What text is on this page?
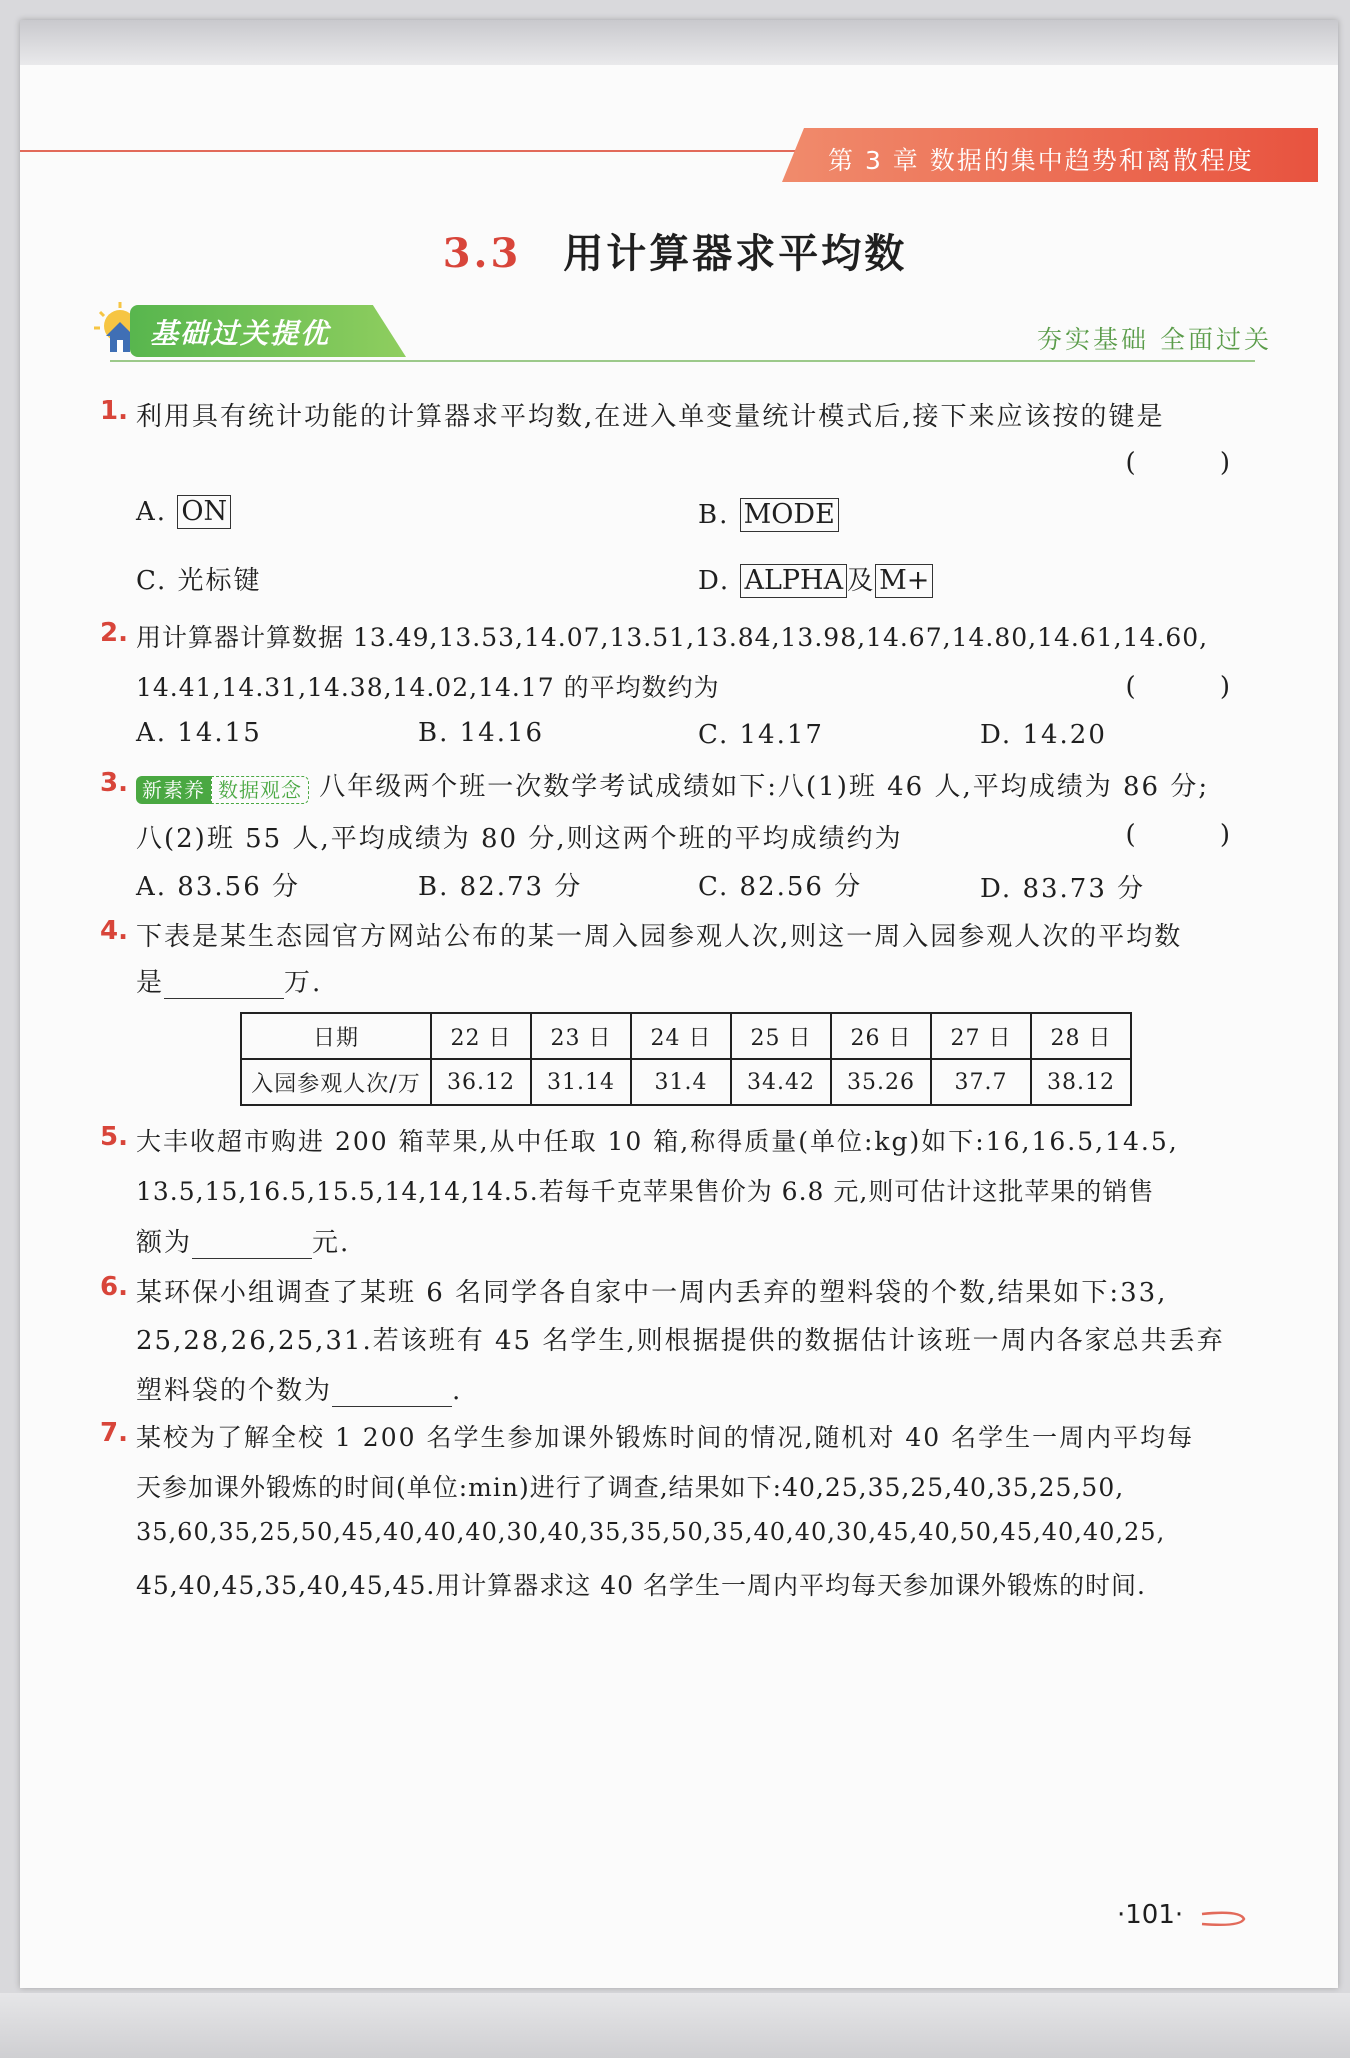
第 3 章 数据的集中趋势和离散程度
3.3 用计算器求平均数
基础过关提优	夯实基础 全面过关
1. 利用具有统计功能的计算器求平均数,在进入单变量统计模式后,接下来应该按的键是
( )
A. ON	B. MODE
C. 光标键	D. ALPHA 及 M+
2. 用计算器计算数据 13.49,13.53,14.07,13.51,13.84,13.98,14.67,14.80,14.61,14.60,
14.41,14.31,14.38,14.02,14.17 的平均数约为	( )
A. 14.15	B. 14.16	C. 14.17	D. 14.20
3. 新素养 数据观念 八年级两个班一次数学考试成绩如下:八(1)班 46 人,平均成绩为 86 分;
八(2)班 55 人,平均成绩为 80 分,则这两个班的平均成绩约为	( )
A. 83.56 分	B. 82.73 分	C. 82.56 分	D. 83.73 分
4. 下表是某生态园官方网站公布的某一周入园参观人次,则这一周入园参观人次的平均数
是	万.
日期	22 日	23 日	24 日	25 日	26 日	27 日	28 日
入园参观人次/万	36.12	31.14	31.4	34.42	35.26	37.7	38.12
5. 大丰收超市购进 200 箱苹果,从中任取 10 箱,称得质量(单位:kg)如下:16,16.5,14.5,
13.5,15,16.5,15.5,14,14,14.5.若每千克苹果售价为 6.8 元,则可估计这批苹果的销售
额为	元.
6. 某环保小组调查了某班 6 名同学各自家中一周内丢弃的塑料袋的个数,结果如下:33,
25,28,26,25,31.若该班有 45 名学生,则根据提供的数据估计该班一周内各家总共丢弃
塑料袋的个数为	.
7. 某校为了解全校 1 200 名学生参加课外锻炼时间的情况,随机对 40 名学生一周内平均每
天参加课外锻炼的时间(单位:min)进行了调查,结果如下:40,25,35,25,40,35,25,50,
35,60,35,25,50,45,40,40,40,30,40,35,35,50,35,40,40,30,45,40,50,45,40,40,25,
45,40,45,35,40,45,45.用计算器求这 40 名学生一周内平均每天参加课外锻炼的时间.
·101·
